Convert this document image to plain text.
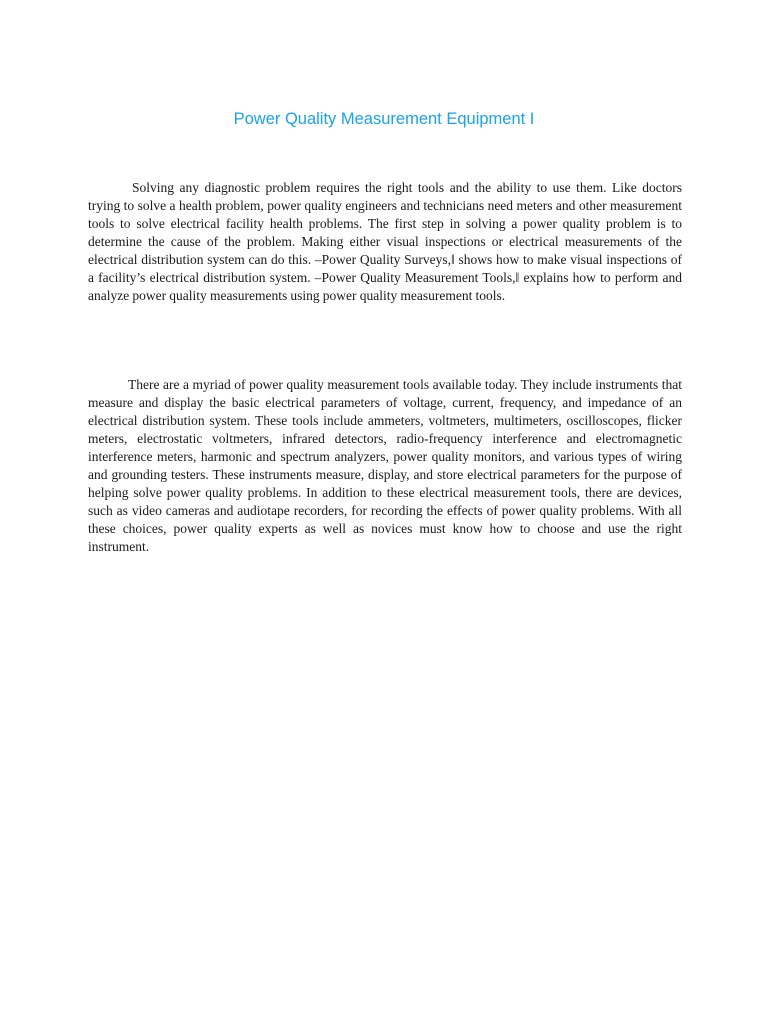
Power Quality Measurement Equipment I

Solving any diagnostic problem requires the right tools and the ability to use them. Like doctors trying to solve a health problem, power quality engineers and technicians need meters and other measurement tools to solve electrical facility health problems. The first step in solving a power quality problem is to determine the cause of the problem. Making either visual inspections or electrical measurements of the electrical distribution system can do this. –Power Quality Surveys,‖ shows how to make visual inspections of a facility’s electrical distribution system. –Power Quality Measurement Tools,‖ explains how to perform and analyze power quality measurements using power quality measurement tools.

There are a myriad of power quality measurement tools available today. They include instruments that measure and display the basic electrical parameters of voltage, current, frequency, and impedance of an electrical distribution system. These tools include ammeters, voltmeters, multimeters, oscilloscopes, flicker meters, electrostatic voltmeters, infrared detectors, radio-frequency interference and electromagnetic interference meters, harmonic and spectrum analyzers, power quality monitors, and various types of wiring and grounding testers. These instruments measure, display, and store electrical parameters for the purpose of helping solve power quality problems. In addition to these electrical measurement tools, there are devices, such as video cameras and audiotape recorders, for recording the effects of power quality problems. With all these choices, power quality experts as well as novices must know how to choose and use the right instrument.
